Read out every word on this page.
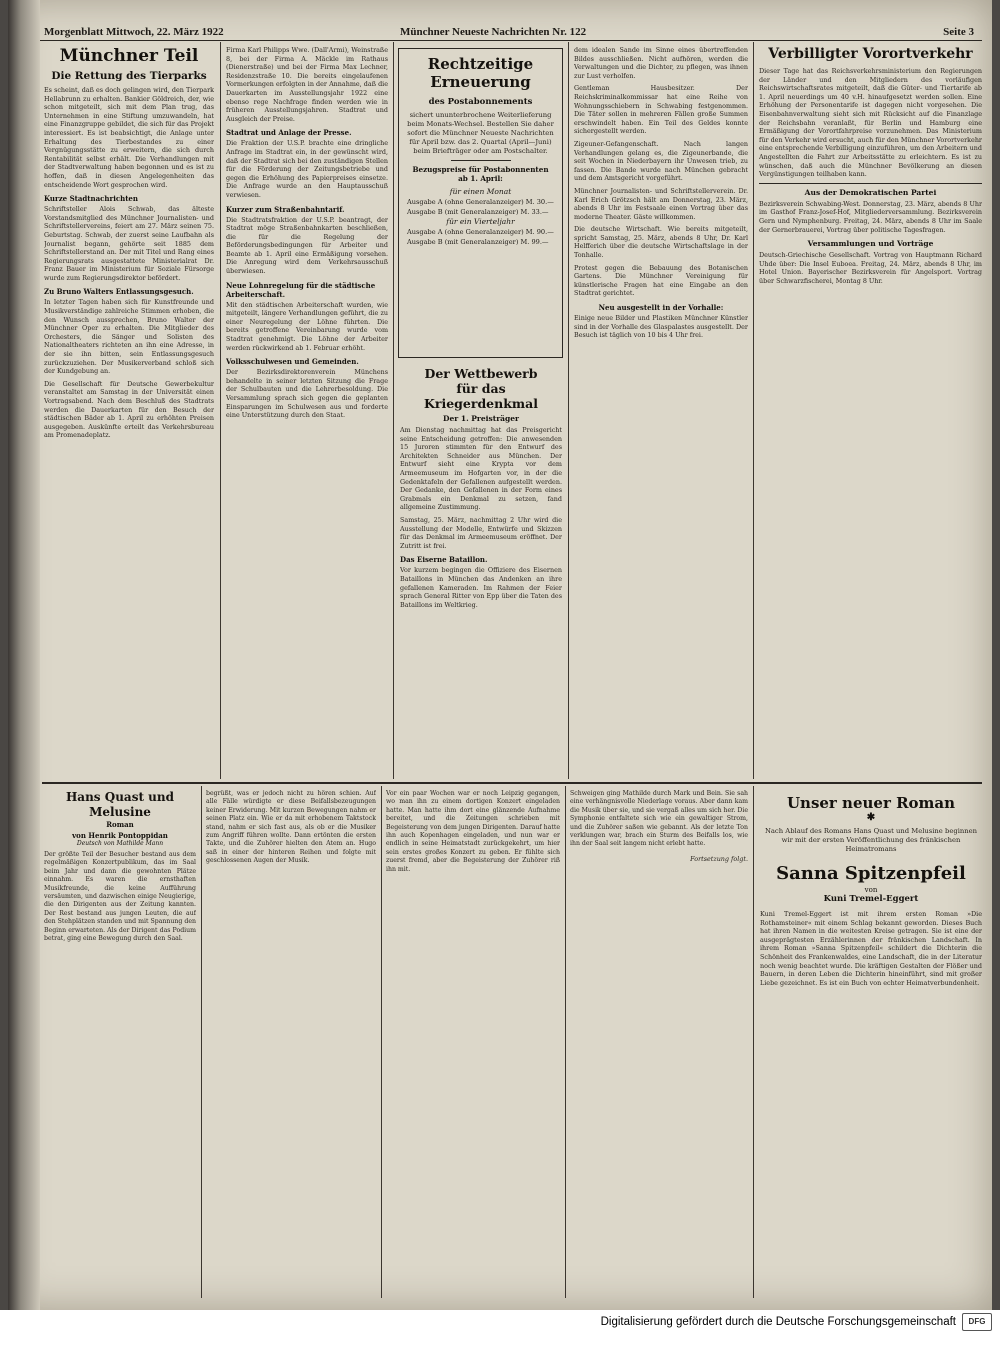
Morgenblatt Mittwoch, 22. März 1922	Münchner Neueste Nachrichten Nr. 122	Seite 3

Münchner Teil

Die Rettung des Tierparks

Es scheint, daß es doch gelingen wird, den Tierpark Hellabrunn zu erhalten. Bankier Göldreich, der, wie schon mitgeteilt, sich mit dem Plan trug, das Unternehmen in eine Stiftung umzuwandeln, hat eine Finanzgruppe gebildet, die sich für das Projekt interessiert. Es ist beabsichtigt, die Anlage unter Erhaltung des Tierbestandes zu einer Vergnügungsstätte zu erweitern, die sich durch Rentabilität selbst erhält. Die Verhandlungen mit der Stadtverwaltung haben begonnen und es ist zu hoffen, daß in diesen Angelegenheiten das entscheidende Wort gesprochen wird.

Kurze Stadtnachrichten

Schriftsteller Alois Schwab, das älteste Vorstandsmitglied des Münchner Journalisten- und Schriftstellervereins, feiert am 27. März seinen 75. Geburtstag. Schwab, der zuerst seine Laufbahn als Journalist begann, gehörte seit 1885 dem Schriftstellerstand an. Der mit Titel und Rang eines Regierungsrats ausgestattete Ministerialrat Dr. Franz Bauer im Ministerium für Soziale Fürsorge wurde zum Regierungsdirektor befördert.

Zu Bruno Walters Entlassungsgesuch.

In letzter Tagen haben sich für Kunstfreunde und Musikverständige zahlreiche Stimmen erhoben, die den Wunsch aussprechen, Bruno Walter der Münchner Oper zu erhalten. Die Mitglieder des Orchesters, die Sänger und Solisten des Nationaltheaters richteten an ihn eine Adresse, in der sie ihn bitten, sein Entlassungsgesuch zurückzuziehen. Der Musikerverband schloß sich der Kundgebung an.

Die Gesellschaft für Deutsche Gewerbekultur veranstaltet am Samstag in der Universität einen Vortragsabend. Nach dem Beschluß des Stadtrats werden die Dauerkarten für den Besuch der städtischen Bäder ab 1. April zu erhöhten Preisen ausgegeben. Auskünfte erteilt das Verkehrsbureau am Promenadeplatz.

Firma Karl Philipps Wwe. (Dall'Armi), Weinstraße 8, bei der Firma A. Mäckle im Rathaus (Dienerstraße) und bei der Firma Max Lechner, Residenzstraße 10. Die bereits eingelaufenen Vormerkungen erfolgten in der Annahme, daß die Dauerkarten im Ausstellungsjahr 1922 eine ebenso rege Nachfrage finden werden wie in früheren Ausstellungsjahren. Stadtrat und Ausgleich der Preise.

Stadtrat und Anlage der Presse.

Die Fraktion der U.S.P. brachte eine dringliche Anfrage im Stadtrat ein, in der gewünscht wird, daß der Stadtrat sich bei den zuständigen Stellen für die Förderung der Zeitungsbetriebe und gegen die Erhöhung des Papierpreises einsetze. Die Anfrage wurde an den Hauptausschuß verwiesen.

Kurzer zum Straßenbahntarif.

Die Stadtratsfraktion der U.S.P. beantragt, der Stadtrat möge Straßenbahnkarten beschließen, die für die Regelung der Beförderungsbedingungen für Arbeiter und Beamte ab 1. April eine Ermäßigung vorsehen. Die Anregung wird dem Verkehrsausschuß überwiesen.

Neue Lohnregelung für die städtische Arbeiterschaft.

Mit den städtischen Arbeiterschaft wurden, wie mitgeteilt, längere Verhandlungen geführt, die zu einer Neuregelung der Löhne führten. Die bereits getroffene Vereinbarung wurde vom Stadtrat genehmigt. Die Löhne der Arbeiter werden rückwirkend ab 1. Februar erhöht.

Volksschulwesen und Gemeinden.

Der Bezirksdirektorenverein Münchens behandelte in seiner letzten Sitzung die Frage der Schulbauten und die Lehrerbesoldung. Die Versammlung sprach sich gegen die geplanten Einsparungen im Schulwesen aus und forderte eine Unterstützung durch den Staat.

Rechtzeitige

Erneuerung

des Postabonnements

sichert ununterbrochene Weiterlieferung beim Monats-Wechsel. Bestellen Sie daher sofort die Münchner Neueste Nachrichten für April bzw. das 2. Quartal (April—Juni) beim Briefträger oder am Postschalter.

Bezugspreise für Postabonnenten ab 1. April:

für einen Monat

Ausgabe A (ohne Generalanzeiger) M. 30.—

Ausgabe B (mit Generalanzeiger) M. 33.—

für ein Vierteljahr

Ausgabe A (ohne Generalanzeiger) M. 90.—

Ausgabe B (mit Generalanzeiger) M. 99.—

Der Wettbewerb

für das Kriegerdenkmal

Der 1. Preisträger

Am Dienstag nachmittag hat das Preisgericht seine Entscheidung getroffen: Die anwesenden 15 Juroren stimmten für den Entwurf des Architekten Schneider aus München. Der Entwurf sieht eine Krypta vor dem Armeemuseum im Hofgarten vor, in der die Gedenktafeln der Gefallenen aufgestellt werden. Der Gedanke, den Gefallenen in der Form eines Grabmals ein Denkmal zu setzen, fand allgemeine Zustimmung.

Samstag, 25. März, nachmittag 2 Uhr wird die Ausstellung der Modelle, Entwürfe und Skizzen für das Denkmal im Armeemuseum eröffnet. Der Zutritt ist frei.

Das Eiserne Bataillon.

Vor kurzem begingen die Offiziere des Eisernen Bataillons in München das Andenken an ihre gefallenen Kameraden. Im Rahmen der Feier sprach General Ritter von Epp über die Taten des Bataillons im Weltkrieg.

dem idealen Sande im Sinne eines übertreffenden Bildes ausschließen. Nicht aufhören, werden die Verwaltungen und die Dichter, zu pflegen, was ihnen zur Lust verholfen.

Gentleman Hausbesitzer. Der Reichskriminalkommissar hat eine Reihe von Wohnungsschiebern in Schwabing festgenommen. Die Täter sollen in mehreren Fällen große Summen erschwindelt haben. Ein Teil des Geldes konnte sichergestellt werden.

Zigeuner-Gefangenschaft. Nach langen Verhandlungen gelang es, die Zigeunerbande, die seit Wochen in Niederbayern ihr Unwesen trieb, zu fassen. Die Bande wurde nach München gebracht und dem Amtsgericht vorgeführt.

Münchner Journalisten- und Schriftstellerverein. Dr. Karl Erich Grötzsch hält am Donnerstag, 23. März, abends 8 Uhr im Festsaale einen Vortrag über das moderne Theater. Gäste willkommen.

Die deutsche Wirtschaft. Wie bereits mitgeteilt, spricht Samstag, 25. März, abends 8 Uhr, Dr. Karl Helfferich über die deutsche Wirtschaftslage in der Tonhalle.

Protest gegen die Bebauung des Botanischen Gartens. Die Münchner Vereinigung für künstlerische Fragen hat eine Eingabe an den Stadtrat gerichtet.

Neu ausgestellt in der Vorhalle:

Einige neue Bilder und Plastiken Münchner Künstler sind in der Vorhalle des Glaspalastes ausgestellt. Der Besuch ist täglich von 10 bis 4 Uhr frei.

Verbilligter Vorortverkehr

Dieser Tage hat das Reichsverkehrsministerium den Regierungen der Länder und den Mitgliedern des vorläufigen Reichswirtschaftsrates mitgeteilt, daß die Güter- und Tiertarife ab 1. April neuerdings um 40 v.H. hinaufgesetzt werden sollen. Eine Erhöhung der Personentarife ist dagegen nicht vorgesehen. Die Eisenbahnverwaltung sieht sich mit Rücksicht auf die Finanzlage der Reichsbahn veranlaßt, für Berlin und Hamburg eine Ermäßigung der Vorortfahrpreise vorzunehmen. Das Ministerium für den Verkehr wird ersucht, auch für den Münchner Vorortverkehr eine entsprechende Verbilligung einzuführen, um den Arbeitern und Angestellten die Fahrt zur Arbeitsstätte zu erleichtern. Es ist zu wünschen, daß auch die Münchner Bevölkerung an diesen Vergünstigungen teilhaben kann.

Aus der Demokratischen Partei

Bezirksverein Schwabing-West. Donnerstag, 23. März, abends 8 Uhr im Gasthof Franz-Josef-Hof, Mitgliederversammlung. Bezirksverein Gern und Nymphenburg. Freitag, 24. März, abends 8 Uhr im Saale der Gernerbrauerei, Vortrag über politische Tagesfragen.

Versammlungen und Vorträge

Deutsch-Griechische Gesellschaft. Vortrag von Hauptmann Richard Uhde über: Die Insel Euboea. Freitag, 24. März, abends 8 Uhr, im Hotel Union. Bayerischer Bezirksverein für Angelsport. Vortrag über Schwarzfischerei, Montag 8 Uhr.

Hans Quast und Melusine

Roman

von Henrik Pontoppidan

Deutsch von Mathilde Mann

Der größte Teil der Besucher bestand aus dem regelmäßigen Konzertpublikum, das im Saal beim Jahr und dann die gewohnten Plätze einnahm. Es waren die ernsthaften Musikfreunde, die keine Aufführung versäumten, und dazwischen einige Neugierige, die den Dirigenten aus der Zeitung kannten. Der Rest bestand aus jungen Leuten, die auf den Stehplätzen standen und mit Spannung den Beginn erwarteten. Als der Dirigent das Podium betrat, ging eine Bewegung durch den Saal.

begrüßt, was er jedoch nicht zu hören schien. Auf alle Fälle würdigte er diese Beifallsbezeugungen keiner Erwiderung. Mit kurzen Bewegungen nahm er seinen Platz ein. Wie er da mit erhobenem Taktstock stand, nahm er sich fast aus, als ob er die Musiker zum Angriff führen wollte. Dann ertönten die ersten Takte, und die Zuhörer hielten den Atem an. Hugo saß in einer der hinteren Reihen und folgte mit geschlossenen Augen der Musik.

Vor ein paar Wochen war er noch Leipzig gegangen, wo man ihn zu einem dortigen Konzert eingeladen hatte. Man hatte ihm dort eine glänzende Aufnahme bereitet, und die Zeitungen schrieben mit Begeisterung von dem jungen Dirigenten. Darauf hatte ihn auch Kopenhagen eingeladen, und nun war er endlich in seine Heimatstadt zurückgekehrt, um hier sein erstes großes Konzert zu geben. Er fühlte sich zuerst fremd, aber die Begeisterung der Zuhörer riß ihn mit.

Schweigen ging Mathilde durch Mark und Bein. Sie sah eine verhängnisvolle Niederlage voraus. Aber dann kam die Musik über sie, und sie vergaß alles um sich her. Die Symphonie entfaltete sich wie ein gewaltiger Strom, und die Zuhörer saßen wie gebannt. Als der letzte Ton verklungen war, brach ein Sturm des Beifalls los, wie ihn der Saal seit langem nicht erlebt hatte.

Fortsetzung folgt.

Unser neuer Roman

✱

Nach Ablauf des Romans Hans Quast und Melusine beginnen wir mit der ersten Veröffentlichung des fränkischen Heimatromans

Sanna Spitzenpfeil

von

Kuni Tremel-Eggert

Kuni Tremel-Eggert ist mit ihrem ersten Roman »Die Rothamsteiner« mit einem Schlag bekannt geworden. Dieses Buch hat ihren Namen in die weitesten Kreise getragen. Sie ist eine der ausgeprägtesten Erzählerinnen der fränkischen Landschaft. In ihrem Roman »Sanna Spitzenpfeil« schildert die Dichterin die Schönheit des Frankenwaldes, eine Landschaft, die in der Literatur noch wenig beachtet wurde. Die kräftigen Gestalten der Flößer und Bauern, in deren Leben die Dichterin hineinführt, sind mit großer Liebe gezeichnet. Es ist ein Buch von echter Heimatverbundenheit.

Digitalisierung gefördert durch die Deutsche Forschungsgemeinschaft	DFG
